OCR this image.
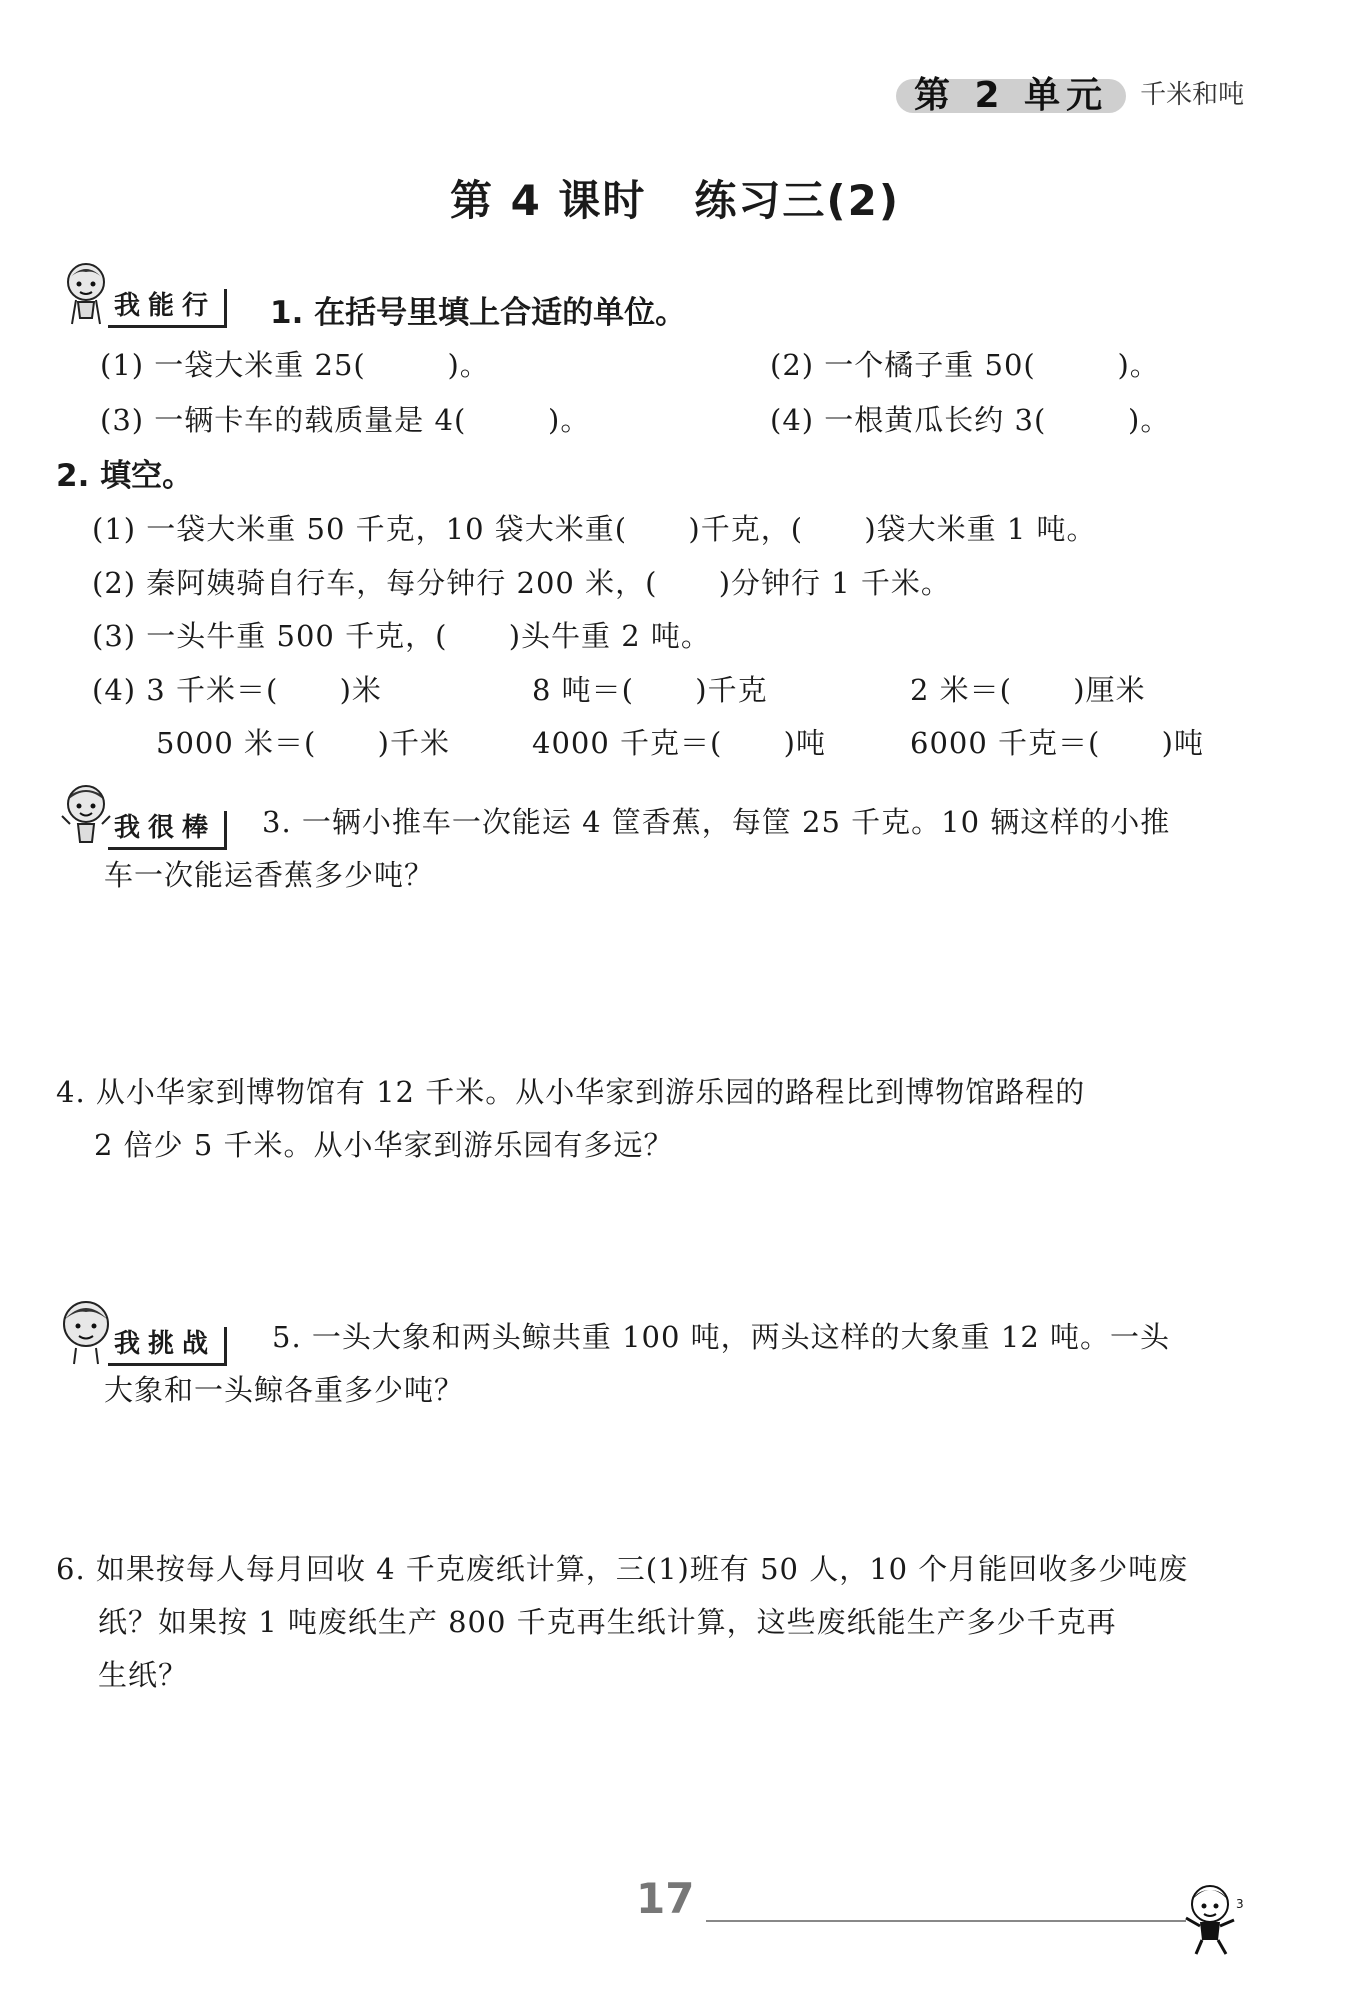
第 2 单元	千米和吨
第 4 课时 练习三(2)
我能行	1. 在括号里填上合适的单位。
(1) 一袋大米重 25(        )。	(2) 一个橘子重 50(        )。
(3) 一辆卡车的载质量是 4(        )。	(4) 一根黄瓜长约 3(        )。
2. 填空。
(1) 一袋大米重 50 千克，10 袋大米重(      )千克，(      )袋大米重 1 吨。
(2) 秦阿姨骑自行车，每分钟行 200 米，(      )分钟行 1 千米。
(3) 一头牛重 500 千克，(      )头牛重 2 吨。
(4) 3 千米＝(      )米	8 吨＝(      )千克	2 米＝(      )厘米
5000 米＝(      )千米	4000 千克＝(      )吨	6000 千克＝(      )吨
我很棒	3. 一辆小推车一次能运 4 筐香蕉，每筐 25 千克。10 辆这样的小推
车一次能运香蕉多少吨？
4. 从小华家到博物馆有 12 千米。从小华家到游乐园的路程比到博物馆路程的
2 倍少 5 千米。从小华家到游乐园有多远？
我挑战	5. 一头大象和两头鲸共重 100 吨，两头这样的大象重 12 吨。一头
大象和一头鲸各重多少吨？
6. 如果按每人每月回收 4 千克废纸计算，三(1)班有 50 人，10 个月能回收多少吨废
纸？如果按 1 吨废纸生产 800 千克再生纸计算，这些废纸能生产多少千克再
生纸？
17	3
